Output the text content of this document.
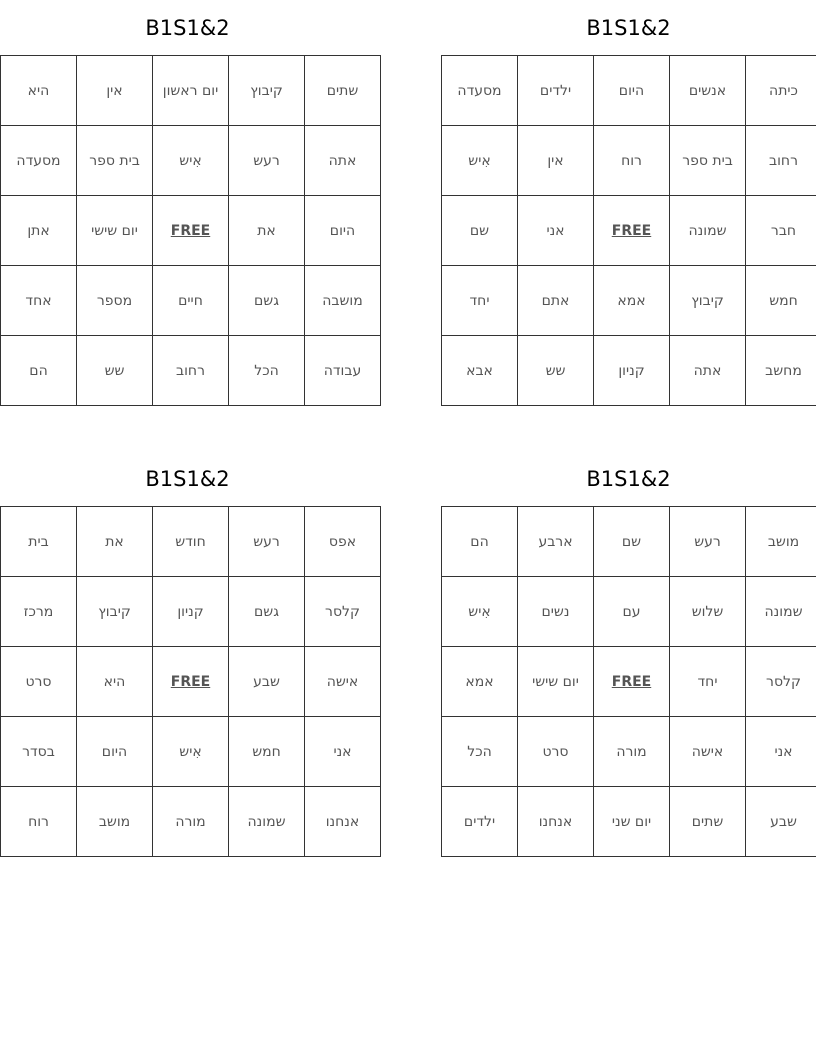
B1S1&2
מסעדה	ילדים	היום	אנשים	כיתה
אִיש	אין	רוח	בית ספר	רחוב
שם	אני	FREE	שמונה	חבר
יחד	אתם	אמא	קיבוץ	חמש
אבא	שש	קניון	אתה	מחשב
B1S1&2
היא	אין	יום ראשון	קיבוץ	שתים
מסעדה	בית ספר	אִיש	רעש	אתה
אתן	יום שישי	FREE	את	היום
אחד	מספר	חיים	גשם	מושבה
הם	שש	רחוב	הכל	עבודה
B1S1&2
הם	ארבע	שם	רעש	מושב
אִיש	נשים	עם	שלוש	שמונה
אמא	יום שישי	FREE	יחד	קלסר
הכל	סרט	מורה	אישה	אני
ילדים	אנחנו	יום שני	שתים	שבע
B1S1&2
בית	את	חודש	רעש	אפס
מרכז	קיבוץ	קניון	גשם	קלסר
סרט	היא	FREE	שבע	אישה
בסדר	היום	אִיש	חמש	אני
רוח	מושב	מורה	שמונה	אנחנו
